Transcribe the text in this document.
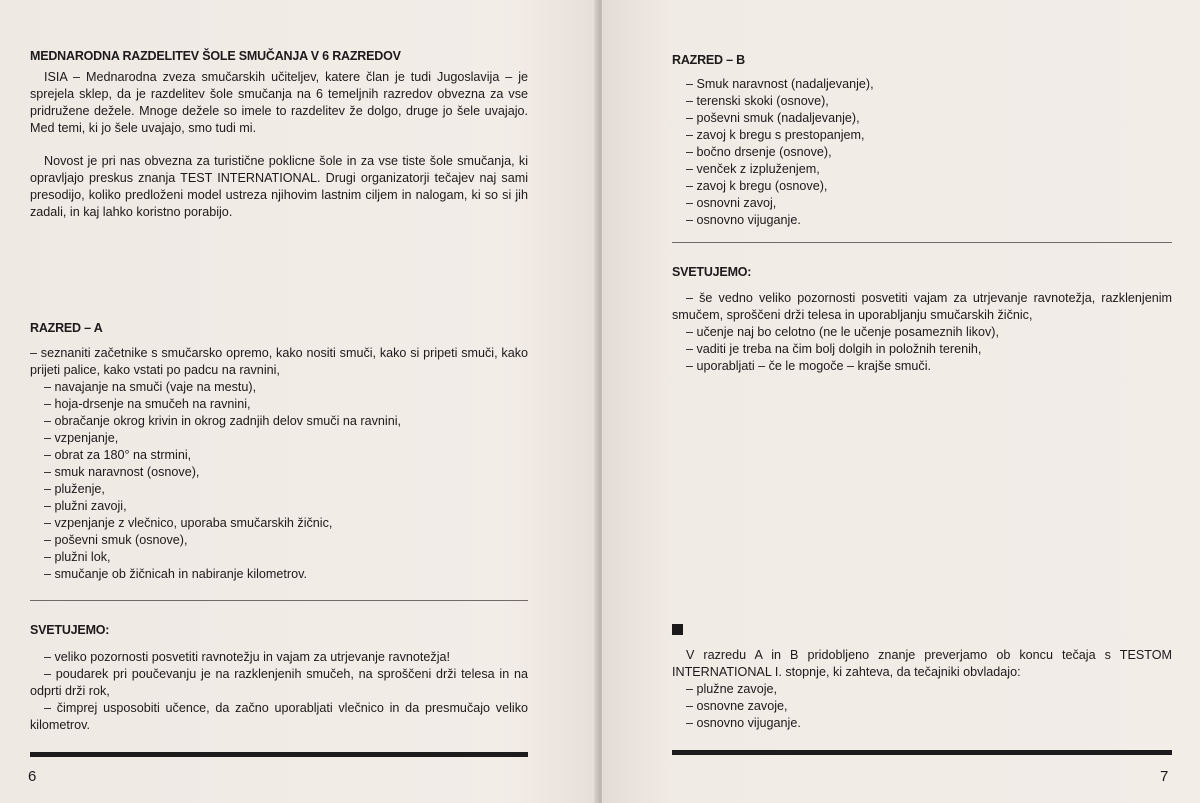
MEDNARODNA RAZDELITEV ŠOLE SMUČANJA V 6 RAZREDOV

ISIA – Mednarodna zveza smučarskih učiteljev, katere član je tudi Jugoslavija – je sprejela sklep, da je razdelitev šole smučanja na 6 temeljnih razredov obvezna za vse pridružene dežele. Mnoge dežele so imele to razdelitev že dolgo, druge jo šele uvajajo. Med temi, ki jo šele uvajajo, smo tudi mi.

Novost je pri nas obvezna za turistične poklicne šole in za vse tiste šole smučanja, ki opravljajo preskus znanja TEST INTERNATIONAL. Drugi organizatorji tečajev naj sami presodijo, koliko predloženi model ustreza njihovim lastnim ciljem in nalogam, ki so si jih zadali, in kaj lahko koristno porabijo.

RAZRED – A

– seznaniti začetnike s smučarsko opremo, kako nositi smuči, kako si pripeti smuči, kako prijeti palice, kako vstati po padcu na ravnini,

– navajanje na smuči (vaje na mestu),

– hoja-drsenje na smučeh na ravnini,

– obračanje okrog krivin in okrog zadnjih delov smuči na ravnini,

– vzpenjanje,

– obrat za 180° na strmini,

– smuk naravnost (osnove),

– pluženje,

– plužni zavoji,

– vzpenjanje z vlečnico, uporaba smučarskih žičnic,

– poševni smuk (osnove),

– plužni lok,

– smučanje ob žičnicah in nabiranje kilometrov.

SVETUJEMO:

– veliko pozornosti posvetiti ravnotežju in vajam za utrjevanje ravnotežja!

– poudarek pri poučevanju je na razklenjenih smučeh, na sproščeni drži telesa in na odprti drži rok,

– čimprej usposobiti učence, da začno uporabljati vlečnico in da presmučajo veliko kilometrov.

6
RAZRED – B

– Smuk naravnost (nadaljevanje),

– terenski skoki (osnove),

– poševni smuk (nadaljevanje),

– zavoj k bregu s prestopanjem,

– bočno drsenje (osnove),

– venček z izpluženjem,

– zavoj k bregu (osnove),

– osnovni zavoj,

– osnovno vijuganje.

SVETUJEMO:

– še vedno veliko pozornosti posvetiti vajam za utrjevanje ravnotežja, razklenjenim smučem, sproščeni drži telesa in uporabljanju smučarskih žičnic,

– učenje naj bo celotno (ne le učenje posameznih likov),

– vaditi je treba na čim bolj dolgih in položnih terenih,

– uporabljati – če le mogoče – krajše smuči.

V razredu A in B pridobljeno znanje preverjamo ob koncu tečaja s TESTOM INTERNATIONAL I. stopnje, ki zahteva, da tečajniki obvladajo:

– plužne zavoje,

– osnovne zavoje,

– osnovno vijuganje.

7
